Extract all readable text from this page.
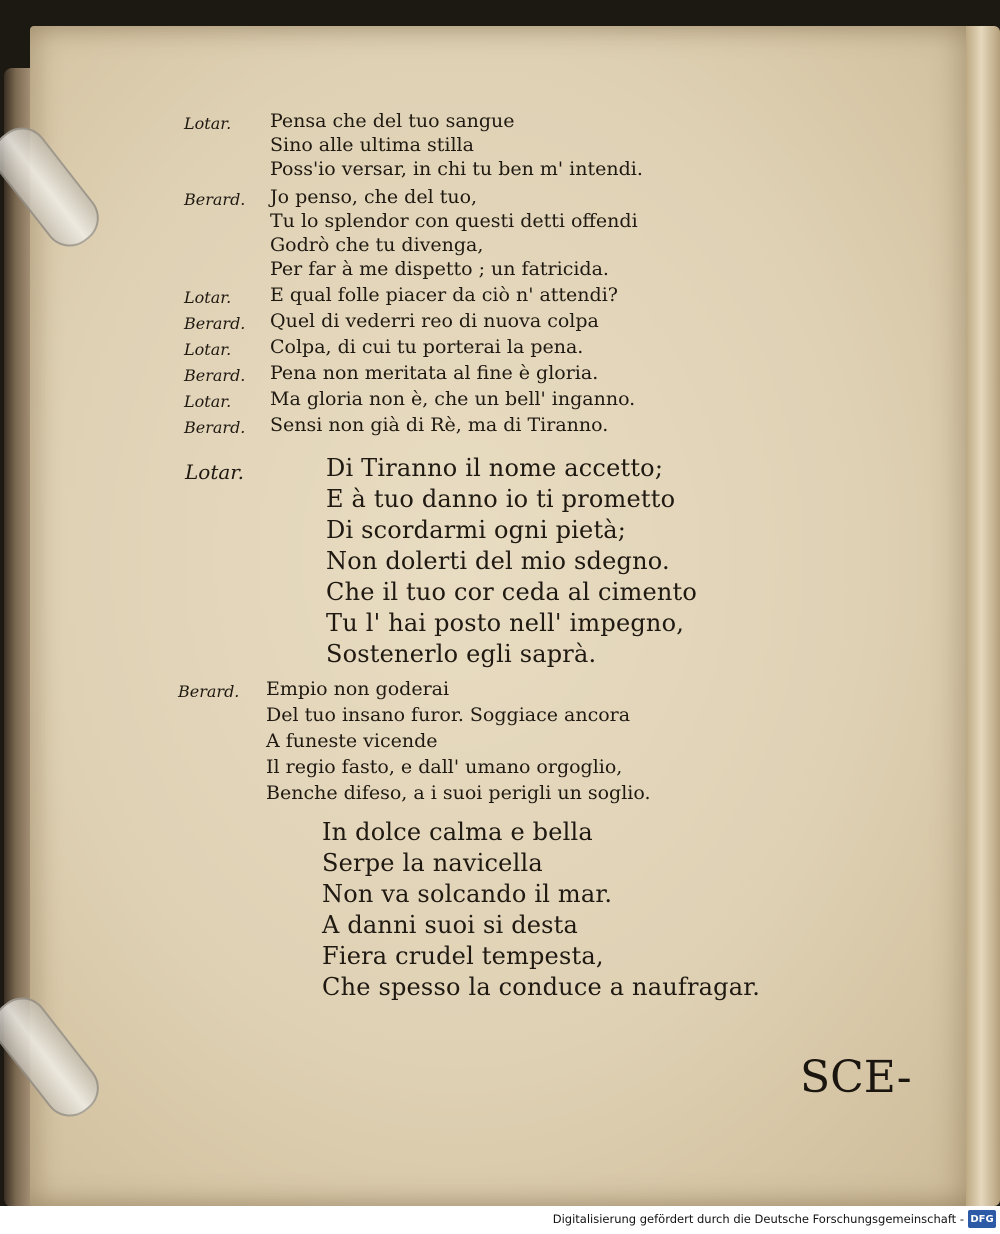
Lotar. Pensa che del tuo sangue
Sino alle ultima stilla
Poss'io versar, in chi tu ben m' intendi.
Berard. Jo penso, che del tuo,
Tu lo splendor con questi detti offendi
Godrò che tu divenga,
Per far à me dispetto ; un fatricida.
Lotar. E qual folle piacer da ciò n' attendi?
Berard. Quel di vederri reo di nuova colpa
Lotar. Colpa, di cui tu porterai la pena.
Berard. Pena non meritata al fine è gloria.
Lotar. Ma gloria non è, che un bell' inganno.
Berard. Sensi non già di Rè, ma di Tiranno.
Lotar.	Di Tiranno il nome accetto;
E à tuo danno io ti prometto
Di scordarmi ogni pietà;
Non dolerti del mio sdegno.
Che il tuo cor ceda al cimento
Tu l' hai posto nell' impegno,
Sostenerlo egli saprà.
Berard. Empio non goderai
Del tuo insano furor. Soggiace ancora
A funeste vicende
Il regio fasto, e dall' umano orgoglio,
Benche difeso, a i suoi perigli un soglio.
In dolce calma e bella
Serpe la navicella
Non va solcando il mar.
A danni suoi si desta
Fiera crudel tempesta,
Che spesso la conduce a naufragar.
SCE-
Digitalisierung gefördert durch die Deutsche Forschungsgemeinschaft - DFG
